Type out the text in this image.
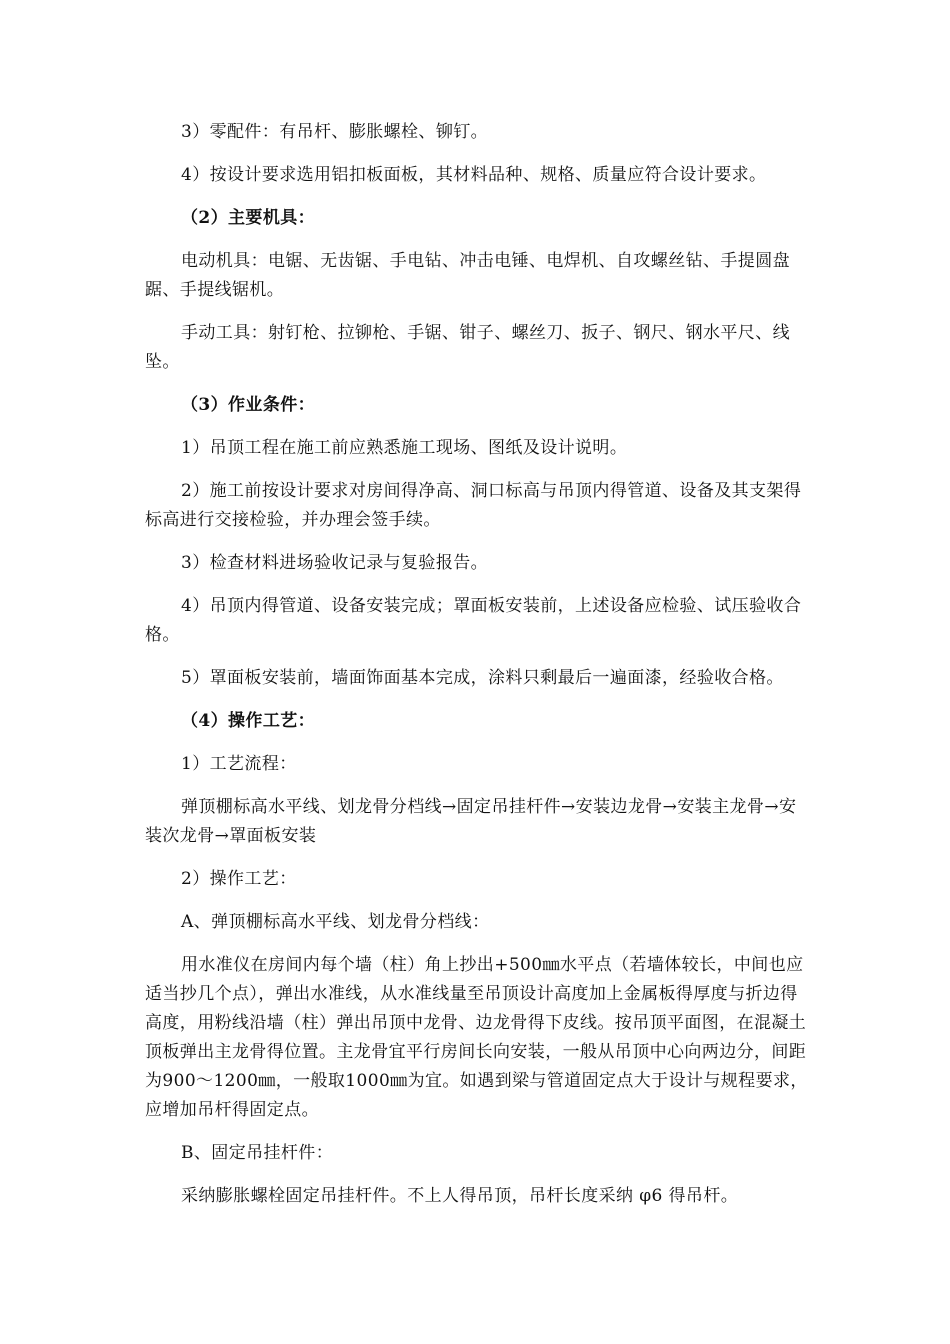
3）零配件：有吊杆、膨胀螺栓、铆钉。

4）按设计要求选用铝扣板面板，其材料品种、规格、质量应符合设计要求。

（2）主要机具：

电动机具：电锯、无齿锯、手电钻、冲击电锤、电焊机、自攻螺丝钻、手提圆盘踞、手提线锯机。

手动工具：射钉枪、拉铆枪、手锯、钳子、螺丝刀、扳子、钢尺、钢水平尺、线坠。

（3）作业条件：

1）吊顶工程在施工前应熟悉施工现场、图纸及设计说明。

2）施工前按设计要求对房间得净高、洞口标高与吊顶内得管道、设备及其支架得标高进行交接检验，并办理会签手续。

3）检查材料进场验收记录与复验报告。

4）吊顶内得管道、设备安装完成；罩面板安装前，上述设备应检验、试压验收合格。

5）罩面板安装前，墙面饰面基本完成，涂料只剩最后一遍面漆，经验收合格。

（4）操作工艺：

1）工艺流程：

弹顶棚标高水平线、划龙骨分档线→固定吊挂杆件→安装边龙骨→安装主龙骨→安装次龙骨→罩面板安装

2）操作工艺：

A、弹顶棚标高水平线、划龙骨分档线：

用水准仪在房间内每个墙（柱）角上抄出+500㎜水平点（若墙体较长，中间也应适当抄几个点），弹出水准线，从水准线量至吊顶设计高度加上金属板得厚度与折边得高度，用粉线沿墙（柱）弹出吊顶中龙骨、边龙骨得下皮线。按吊顶平面图，在混凝土顶板弹出主龙骨得位置。主龙骨宜平行房间长向安装，一般从吊顶中心向两边分，间距为900～1200㎜，一般取1000㎜为宜。如遇到梁与管道固定点大于设计与规程要求，应增加吊杆得固定点。

B、固定吊挂杆件：

采纳膨胀螺栓固定吊挂杆件。不上人得吊顶，吊杆长度采纳 φ6 得吊杆。
